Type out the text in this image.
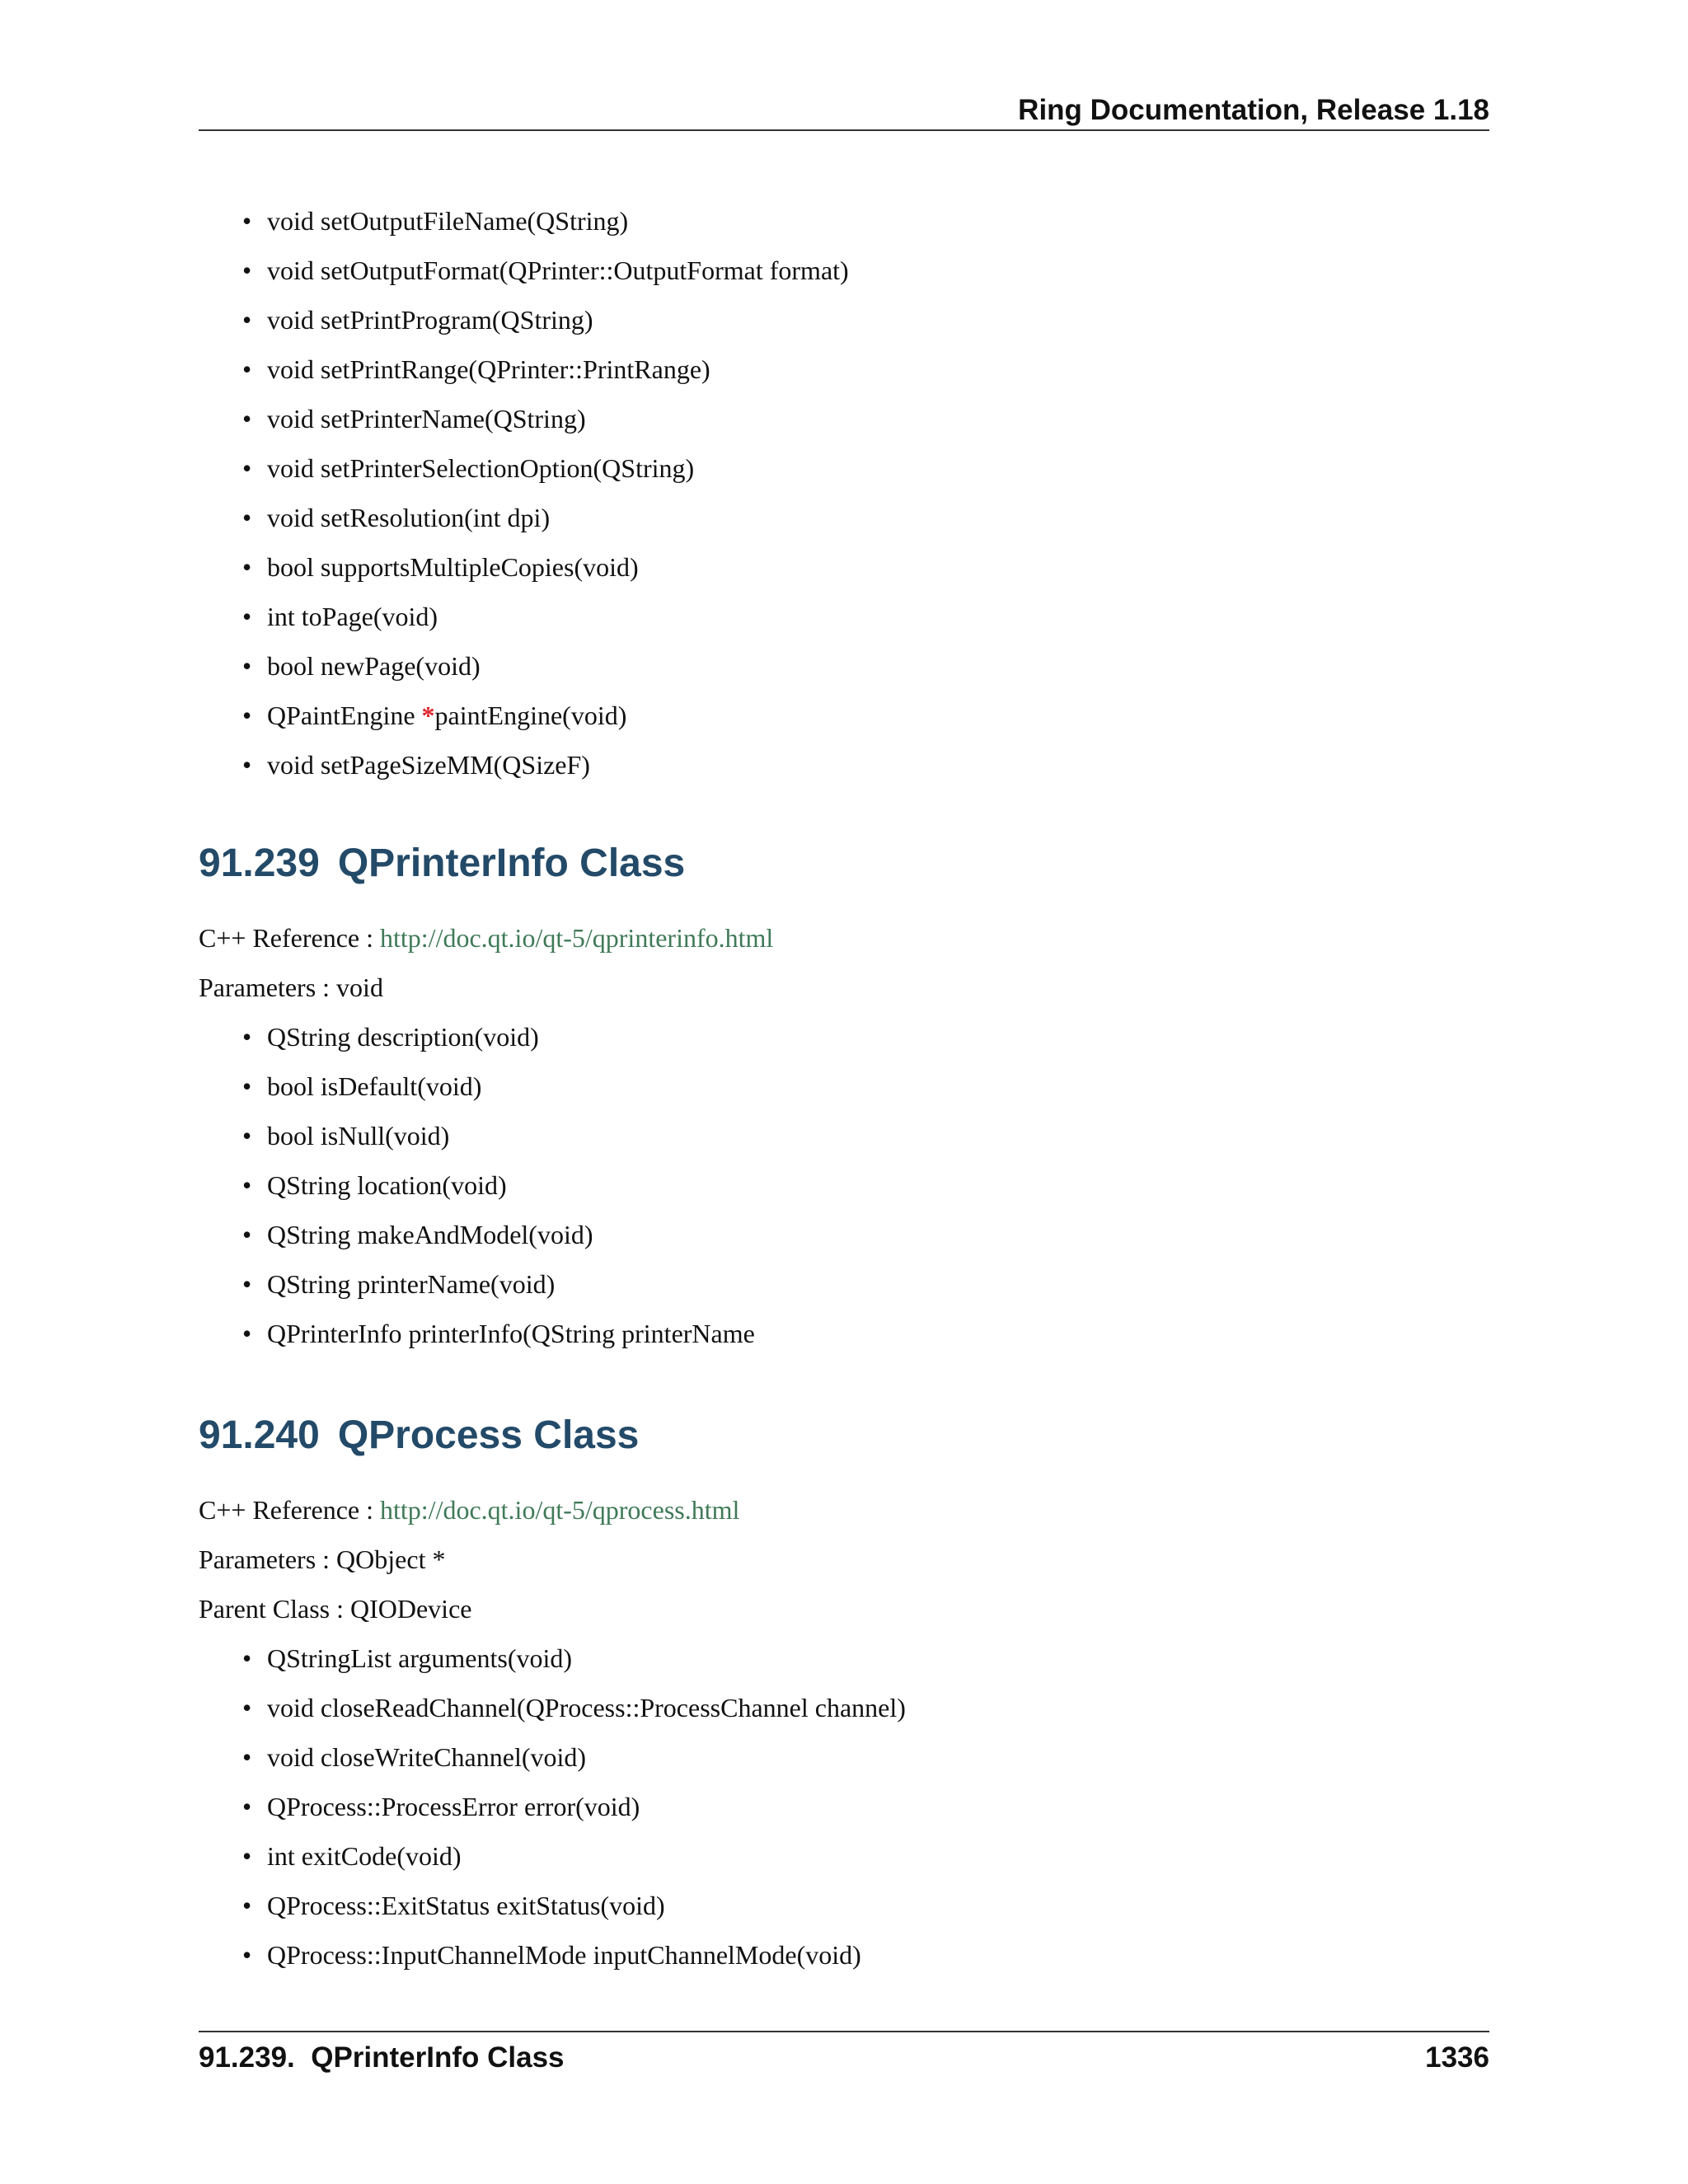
Ring Documentation, Release 1.18
• void setOutputFileName(QString)
• void setOutputFormat(QPrinter::OutputFormat format)
• void setPrintProgram(QString)
• void setPrintRange(QPrinter::PrintRange)
• void setPrinterName(QString)
• void setPrinterSelectionOption(QString)
• void setResolution(int dpi)
• bool supportsMultipleCopies(void)
• int toPage(void)
• bool newPage(void)
• QPaintEngine *paintEngine(void)
• void setPageSizeMM(QSizeF)
91.239 QPrinterInfo Class
C++ Reference : http://doc.qt.io/qt-5/qprinterinfo.html
Parameters : void
• QString description(void)
• bool isDefault(void)
• bool isNull(void)
• QString location(void)
• QString makeAndModel(void)
• QString printerName(void)
• QPrinterInfo printerInfo(QString printerName
91.240 QProcess Class
C++ Reference : http://doc.qt.io/qt-5/qprocess.html
Parameters : QObject *
Parent Class : QIODevice
• QStringList arguments(void)
• void closeReadChannel(QProcess::ProcessChannel channel)
• void closeWriteChannel(void)
• QProcess::ProcessError error(void)
• int exitCode(void)
• QProcess::ExitStatus exitStatus(void)
• QProcess::InputChannelMode inputChannelMode(void)
91.239.  QPrinterInfo Class	1336
